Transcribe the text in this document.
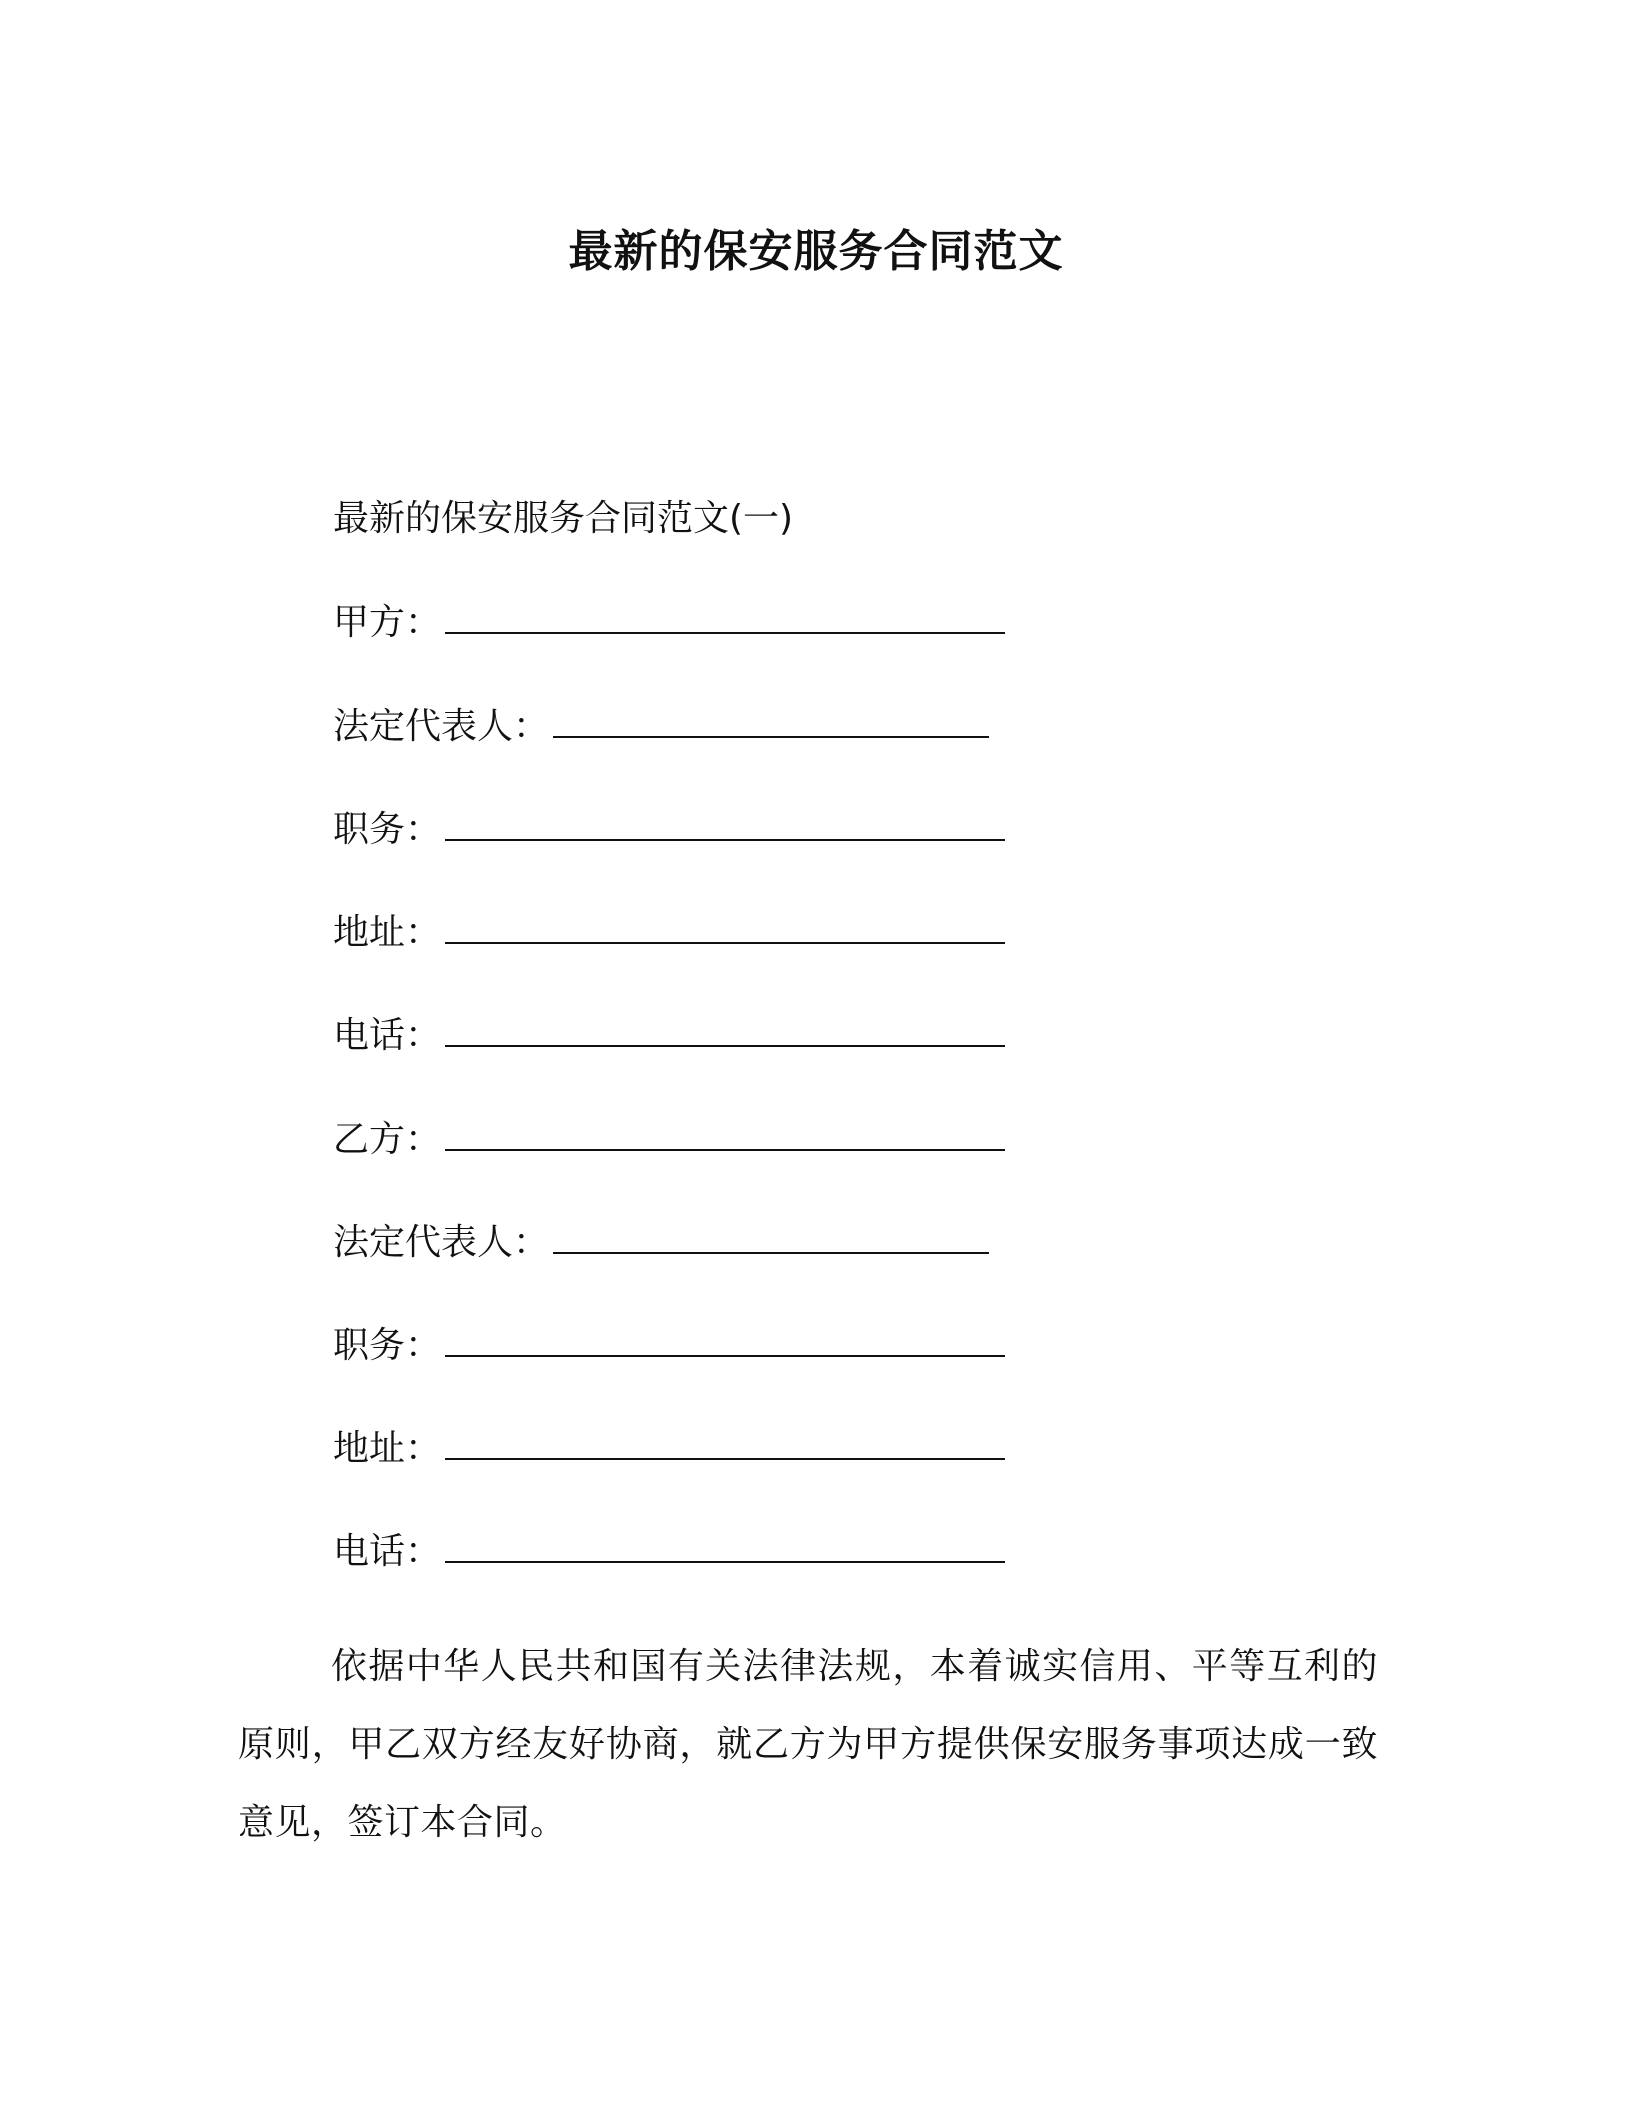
最新的保安服务合同范文
最新的保安服务合同范文(一)
甲方：
法定代表人：
职务：
地址：
电话：
乙方：
法定代表人：
职务：
地址：
电话：
依据中华人民共和国有关法律法规，本着诚实信用、平等互利的原则，甲乙双方经友好协商，就乙方为甲方提供保安服务事项达成一致意见，签订本合同。
